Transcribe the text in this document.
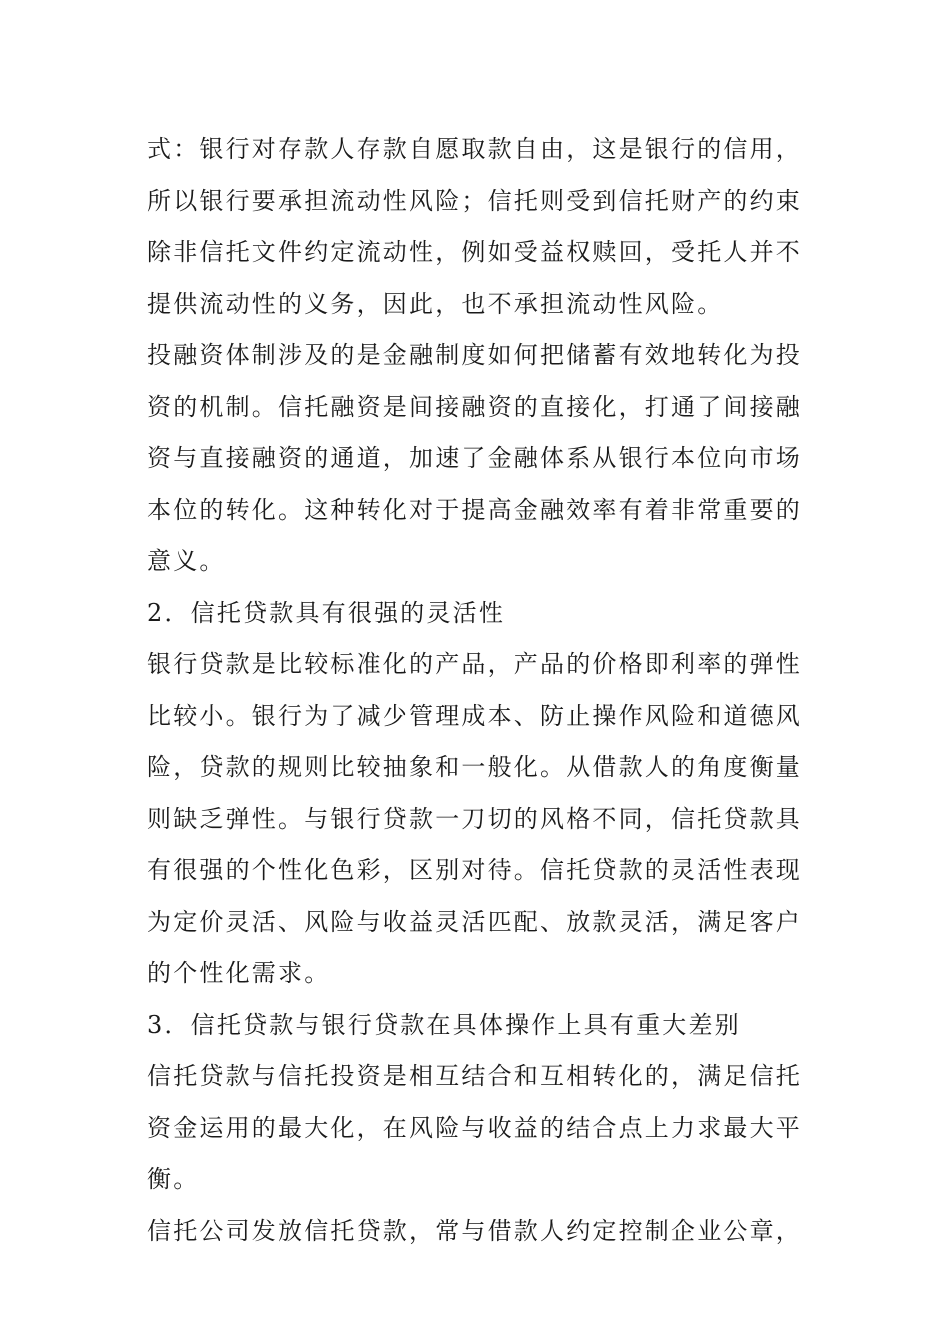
式：银行对存款人存款自愿取款自由，这是银行的信用，
所以银行要承担流动性风险；信托则受到信托财产的约束
除非信托文件约定流动性，例如受益权赎回，受托人并不
提供流动性的义务，因此，也不承担流动性风险。
投融资体制涉及的是金融制度如何把储蓄有效地转化为投
资的机制。信托融资是间接融资的直接化，打通了间接融
资与直接融资的通道，加速了金融体系从银行本位向市场
本位的转化。这种转化对于提高金融效率有着非常重要的
意义。
2．信托贷款具有很强的灵活性
银行贷款是比较标准化的产品，产品的价格即利率的弹性
比较小。银行为了减少管理成本、防止操作风险和道德风
险，贷款的规则比较抽象和一般化。从借款人的角度衡量
则缺乏弹性。与银行贷款一刀切的风格不同，信托贷款具
有很强的个性化色彩，区别对待。信托贷款的灵活性表现
为定价灵活、风险与收益灵活匹配、放款灵活，满足客户
的个性化需求。
3．信托贷款与银行贷款在具体操作上具有重大差别
信托贷款与信托投资是相互结合和互相转化的，满足信托
资金运用的最大化，在风险与收益的结合点上力求最大平
衡。
信托公司发放信托贷款，常与借款人约定控制企业公章，
